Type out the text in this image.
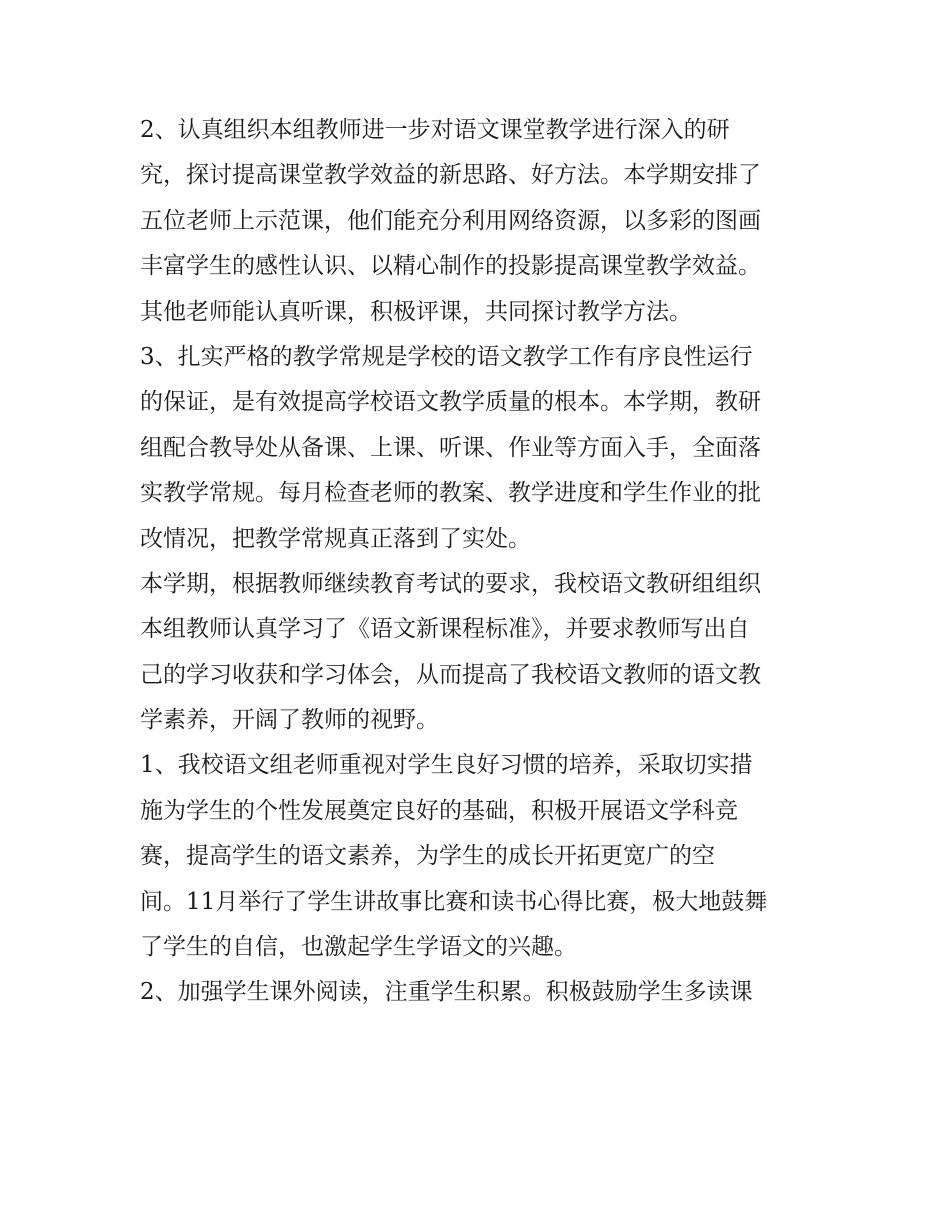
2、认真组织本组教师进一步对语文课堂教学进行深入的研
究，探讨提高课堂教学效益的新思路、好方法。本学期安排了
五位老师上示范课，他们能充分利用网络资源，以多彩的图画
丰富学生的感性认识、以精心制作的投影提高课堂教学效益。
其他老师能认真听课，积极评课，共同探讨教学方法。
3、扎实严格的教学常规是学校的语文教学工作有序良性运行
的保证，是有效提高学校语文教学质量的根本。本学期，教研
组配合教导处从备课、上课、听课、作业等方面入手，全面落
实教学常规。每月检查老师的教案、教学进度和学生作业的批
改情况，把教学常规真正落到了实处。
本学期，根据教师继续教育考试的要求，我校语文教研组组织
本组教师认真学习了《语文新课程标准》，并要求教师写出自
己的学习收获和学习体会，从而提高了我校语文教师的语文教
学素养，开阔了教师的视野。
1、我校语文组老师重视对学生良好习惯的培养，采取切实措
施为学生的个性发展奠定良好的基础，积极开展语文学科竞
赛，提高学生的语文素养，为学生的成长开拓更宽广的空
间。11月举行了学生讲故事比赛和读书心得比赛，极大地鼓舞
了学生的自信，也激起学生学语文的兴趣。
2、加强学生课外阅读，注重学生积累。积极鼓励学生多读课
